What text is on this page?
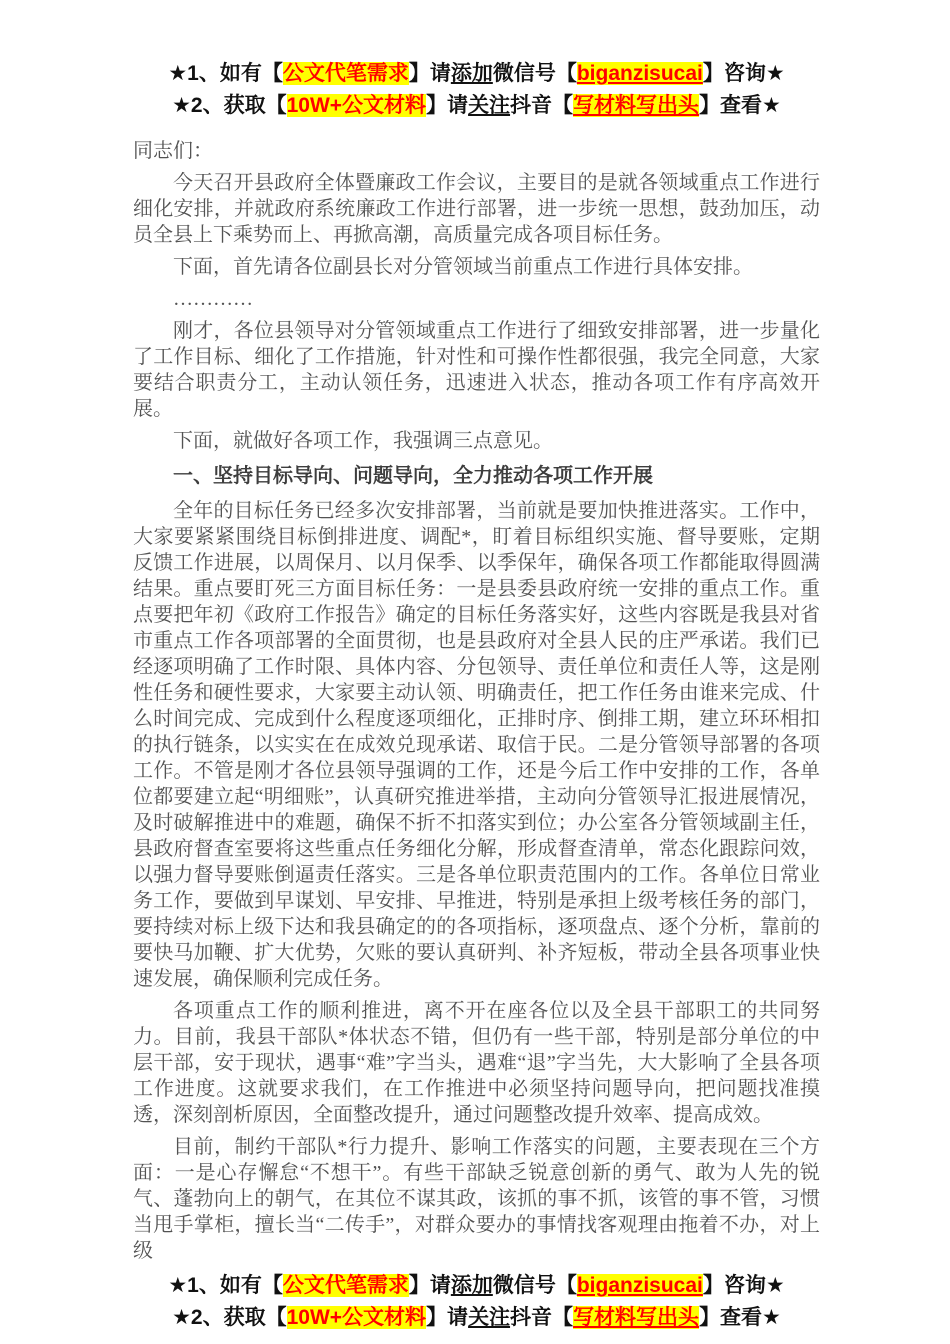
★1、如有【公文代笔需求】请添加微信号【biganzisucai】咨询★
★2、获取【10W+公文材料】请关注抖音【写材料写出头】查看★

同志们：

今天召开县政府全体暨廉政工作会议，主要目的是就各领域重点工作进行细化安排，并就政府系统廉政工作进行部署，进一步统一思想，鼓劲加压，动员全县上下乘势而上、再掀高潮，高质量完成各项目标任务。

下面，首先请各位副县长对分管领域当前重点工作进行具体安排。

…………

刚才，各位县领导对分管领域重点工作进行了细致安排部署，进一步量化了工作目标、细化了工作措施，针对性和可操作性都很强，我完全同意，大家要结合职责分工，主动认领任务，迅速进入状态，推动各项工作有序高效开展。

下面，就做好各项工作，我强调三点意见。

一、坚持目标导向、问题导向，全力推动各项工作开展

全年的目标任务已经多次安排部署，当前就是要加快推进落实。工作中，大家要紧紧围绕目标倒排进度、调配*，盯着目标组织实施、督导要账，定期反馈工作进展，以周保月、以月保季、以季保年，确保各项工作都能取得圆满结果。重点要盯死三方面目标任务：一是县委县政府统一安排的重点工作。重点要把年初《政府工作报告》确定的目标任务落实好，这些内容既是我县对省市重点工作各项部署的全面贯彻，也是县政府对全县人民的庄严承诺。我们已经逐项明确了工作时限、具体内容、分包领导、责任单位和责任人等，这是刚性任务和硬性要求，大家要主动认领、明确责任，把工作任务由谁来完成、什么时间完成、完成到什么程度逐项细化，正排时序、倒排工期，建立环环相扣的执行链条，以实实在在成效兑现承诺、取信于民。二是分管领导部署的各项工作。不管是刚才各位县领导强调的工作，还是今后工作中安排的工作，各单位都要建立起“明细账”，认真研究推进举措，主动向分管领导汇报进展情况，及时破解推进中的难题，确保不折不扣落实到位；办公室各分管领域副主任，县政府督查室要将这些重点任务细化分解，形成督查清单，常态化跟踪问效，以强力督导要账倒逼责任落实。三是各单位职责范围内的工作。各单位日常业务工作，要做到早谋划、早安排、早推进，特别是承担上级考核任务的部门，要持续对标上级下达和我县确定的的各项指标，逐项盘点、逐个分析，靠前的要快马加鞭、扩大优势，欠账的要认真研判、补齐短板，带动全县各项事业快速发展，确保顺利完成任务。

各项重点工作的顺利推进，离不开在座各位以及全县干部职工的共同努力。目前，我县干部队*体状态不错，但仍有一些干部，特别是部分单位的中层干部，安于现状，遇事“难”字当头，遇难“退”字当先，大大影响了全县各项工作进度。这就要求我们，在工作推进中必须坚持问题导向，把问题找准摸透，深刻剖析原因，全面整改提升，通过问题整改提升效率、提高成效。

目前，制约干部队*行力提升、影响工作落实的问题，主要表现在三个方面：一是心存懈怠“不想干”。有些干部缺乏锐意创新的勇气、敢为人先的锐气、蓬勃向上的朝气，在其位不谋其政，该抓的事不抓，该管的事不管，习惯当甩手掌柜，擅长当“二传手”，对群众要办的事情找客观理由拖着不办，对上级

★1、如有【公文代笔需求】请添加微信号【biganzisucai】咨询★
★2、获取【10W+公文材料】请关注抖音【写材料写出头】查看★
